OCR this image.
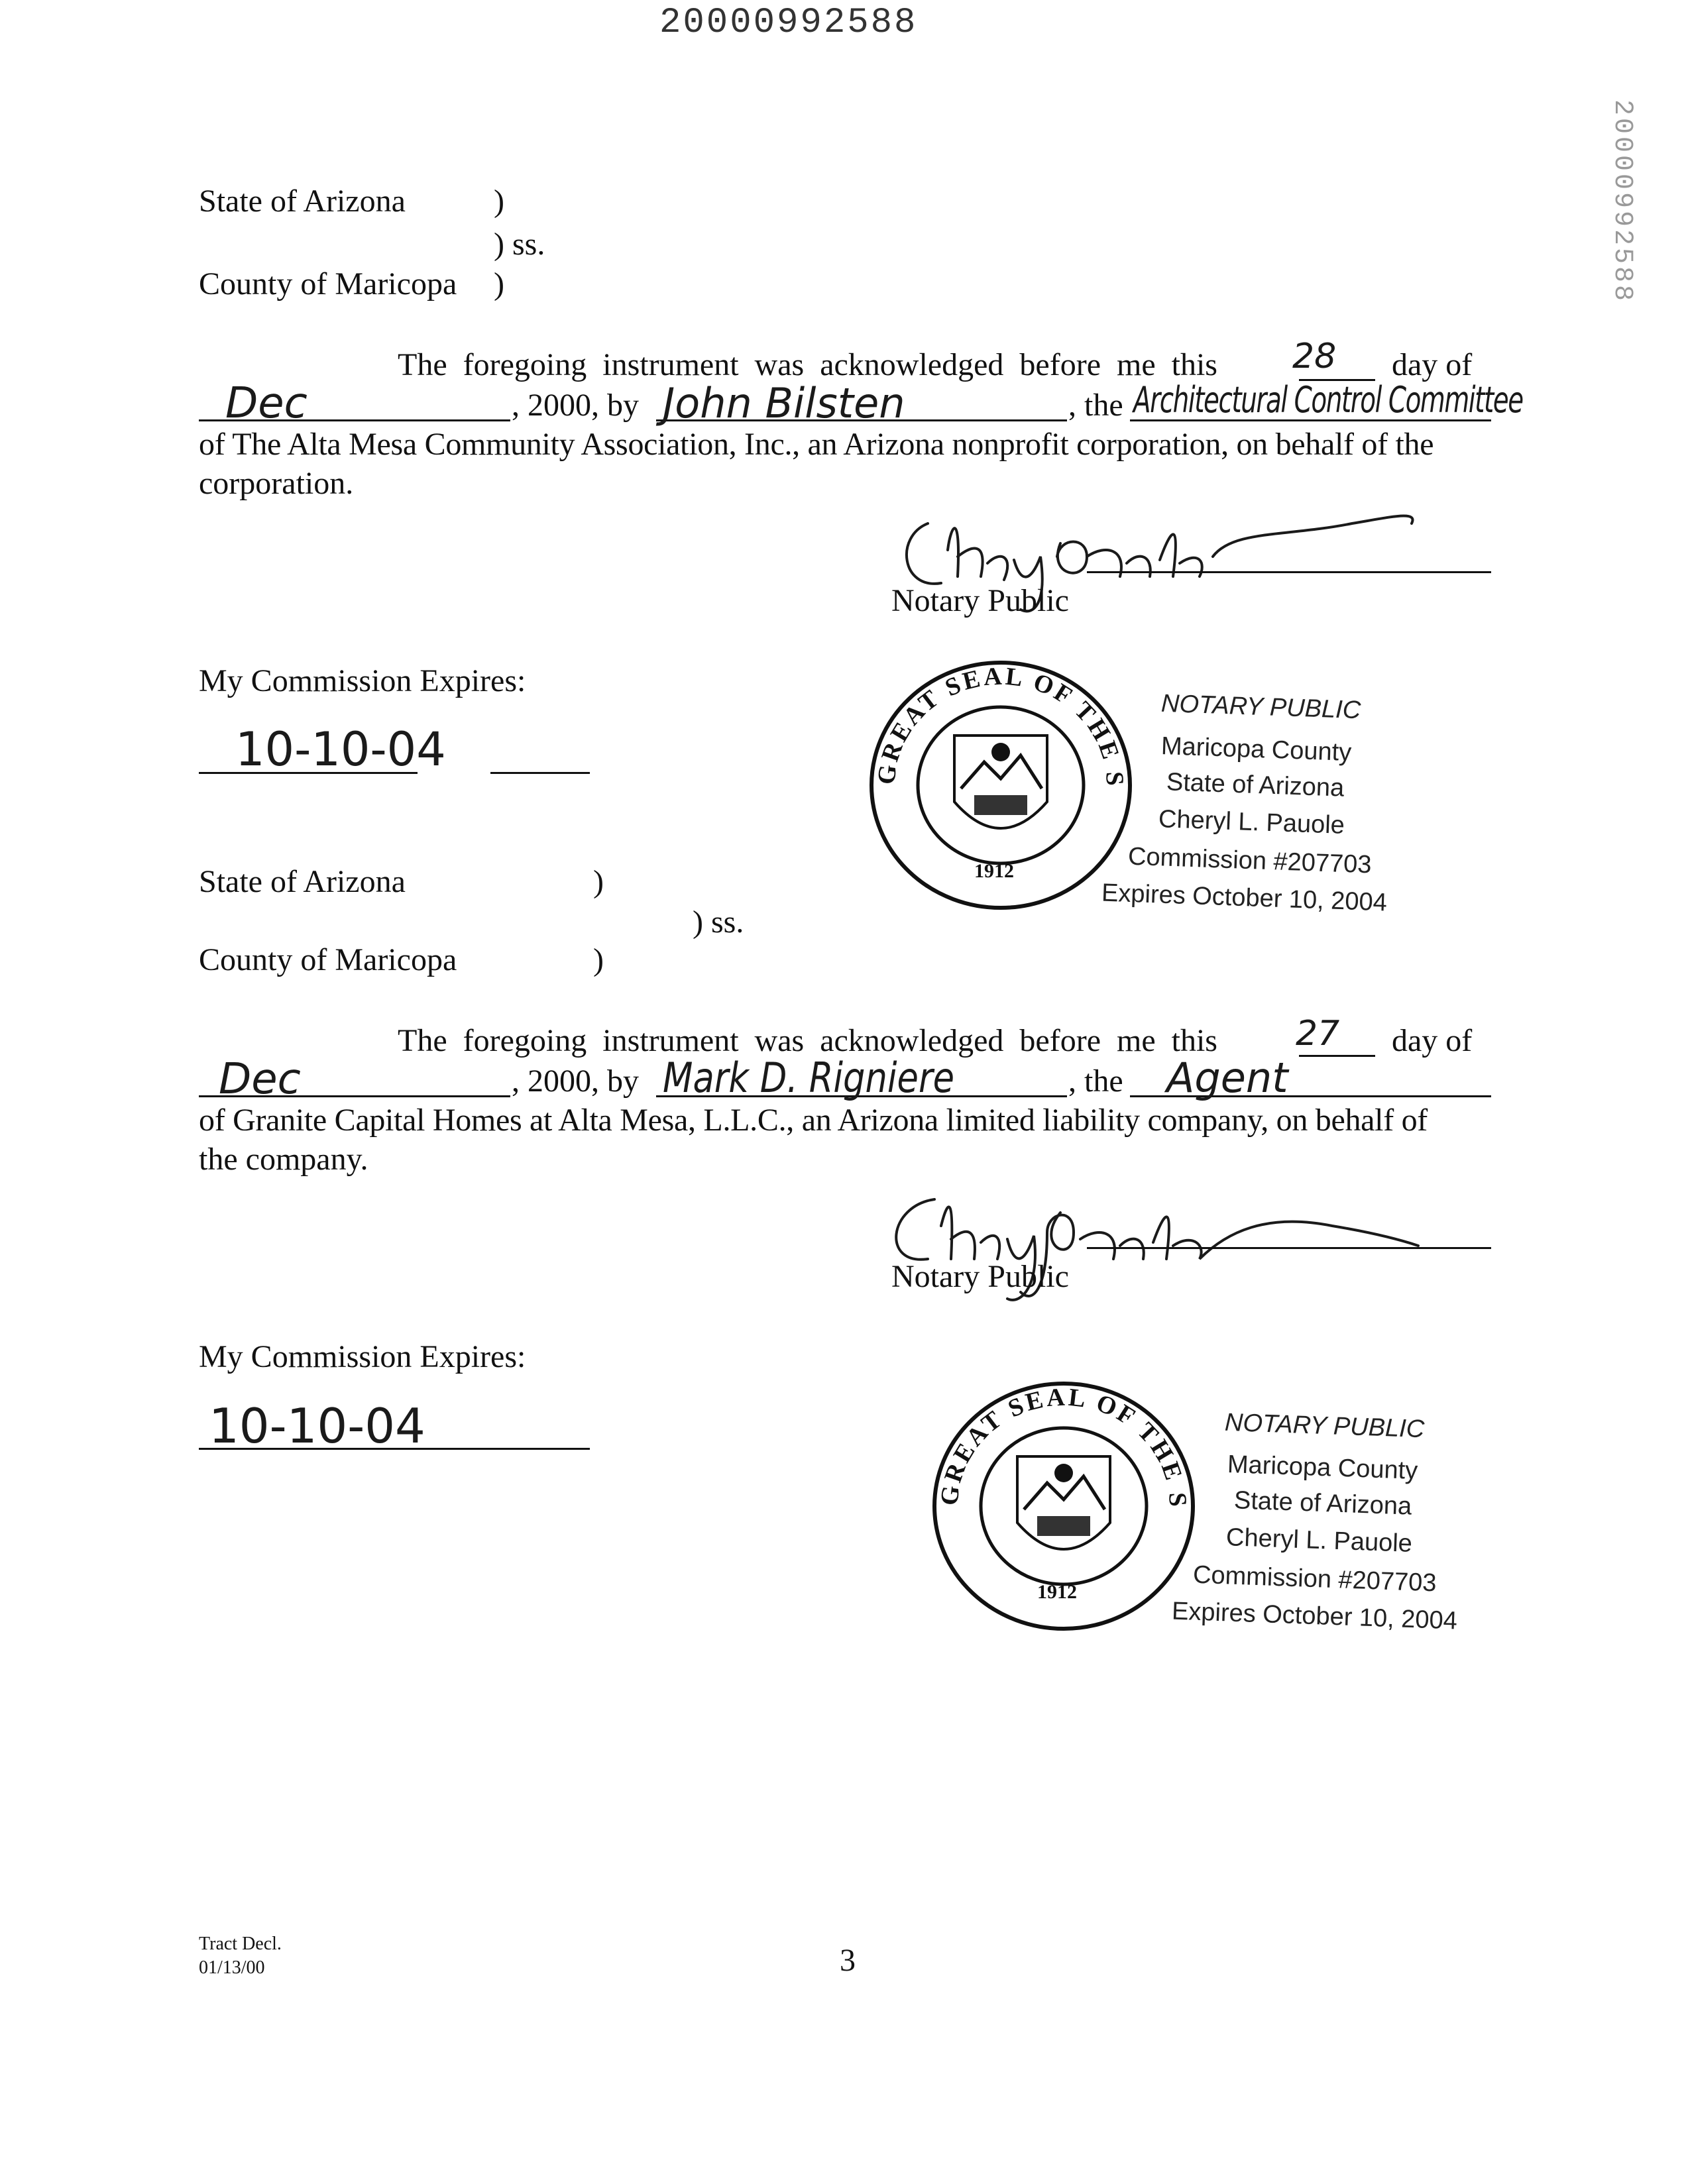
20000992588
20000992588
State of Arizona	)
) ss.
County of Maricopa )
The foregoing instrument was acknowledged before me this 28 day of
Dec	, 2000, by John Bilsten	, the Architectural Control Committee
of The Alta Mesa Community Association, Inc., an Arizona nonprofit corporation, on behalf of the
corporation.
Notary Public
My Commission Expires:
10-10-04	GREAT SEAL OF THE STATE OF ARIZONA
1912
NOTARY PUBLIC
Maricopa County
State of Arizona
Cheryl L. Pauole
Commission #207703
Expires October 10, 2004
State of Arizona	)
) ss.
County of Maricopa	)
The foregoing instrument was acknowledged before me this 27 day of
Dec	, 2000, by Mark D. Rigniere	, the Agent
of Granite Capital Homes at Alta Mesa, L.L.C., an Arizona limited liability company, on behalf of
the company.
Notary Public
My Commission Expires:
10-10-04
GREAT SEAL OF THE STATE OF ARIZONA
1912
NOTARY PUBLIC
Maricopa County
State of Arizona
Cheryl L. Pauole
Commission #207703
Expires October 10, 2004
Tract Decl.
01/13/00	3
